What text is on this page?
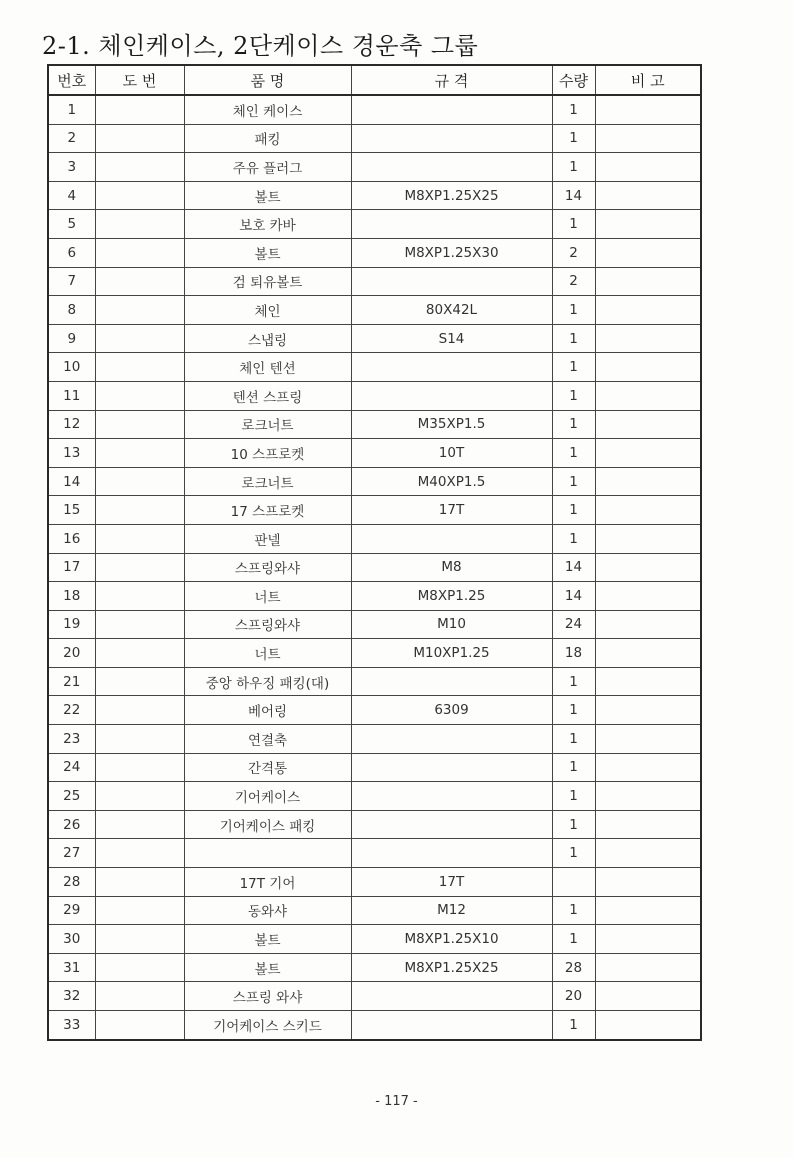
2-1. 체인케이스, 2단케이스 경운축 그룹
번호	도 번	품 명	규 격	수량	비 고
1		체인 케이스		1	
2		패킹		1	
3		주유 플러그		1	
4		볼트	M8XP1.25X25	14	
5		보호 카바		1	
6		볼트	M8XP1.25X30	2	
7		검 퇴유볼트		2	
8		체인	80X42L	1	
9		스냅링	S14	1	
10		체인 텐션		1	
11		텐션 스프링		1	
12		로크너트	M35XP1.5	1	
13		10 스프로켓	10T	1	
14		로크너트	M40XP1.5	1	
15		17 스프로켓	17T	1	
16		판넬		1	
17		스프링와샤	M8	14	
18		너트	M8XP1.25	14	
19		스프링와샤	M10	24	
20		너트	M10XP1.25	18	
21		중앙 하우징 패킹(대)		1	
22		베어링	6309	1	
23		연결축		1	
24		간격통		1	
25		기어케이스		1	
26		기어케이스 패킹		1	
27				1	
28		17T 기어	17T		
29		동와샤	M12	1	
30		볼트	M8XP1.25X10	1	
31		볼트	M8XP1.25X25	28	
32		스프링 와샤		20	
33		기어케이스 스키드		1	
- 117 -
